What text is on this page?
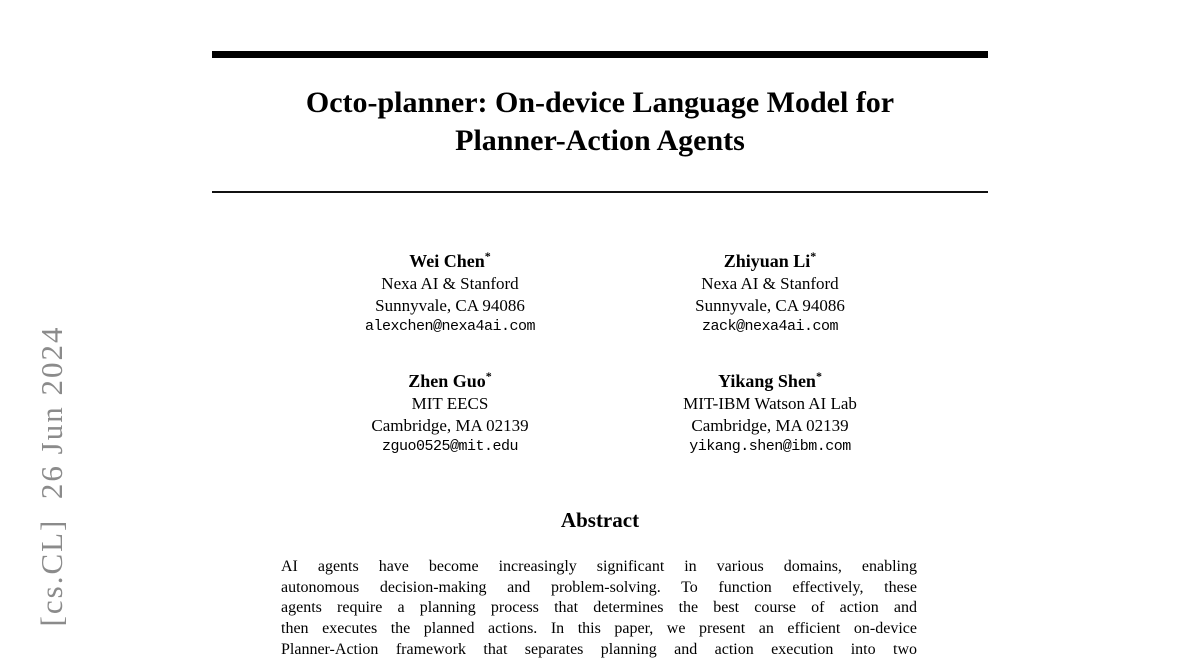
[cs.CL]  26 Jun 2024
Octo-planner: On-device Language Model for
Planner-Action Agents
Wei Chen*
Nexa AI & Stanford
Sunnyvale, CA 94086
alexchen@nexa4ai.com
Zhiyuan Li*
Nexa AI & Stanford
Sunnyvale, CA 94086
zack@nexa4ai.com
Zhen Guo*
MIT EECS
Cambridge, MA 02139
zguo0525@mit.edu
Yikang Shen*
MIT-IBM Watson AI Lab
Cambridge, MA 02139
yikang.shen@ibm.com
Abstract
AI agents have become increasingly significant in various domains, enabling
autonomous decision-making and problem-solving. To function effectively, these
agents require a planning process that determines the best course of action and
then executes the planned actions. In this paper, we present an efficient on-device
Planner-Action framework that separates planning and action execution into two
